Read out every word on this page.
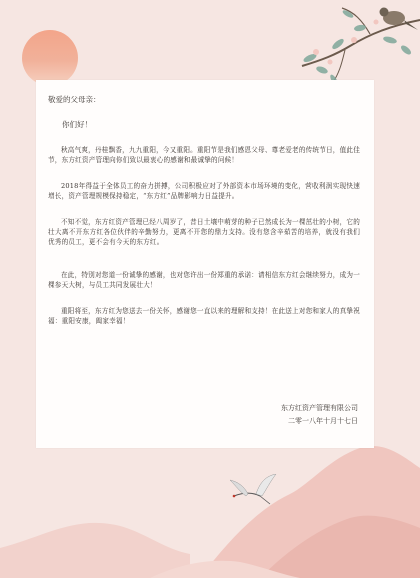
敬爱的父母亲：

你们好！

秋高气爽，丹桂飘香，九九重阳，今又重阳。重阳节是我们感恩父母、尊老爱老的传统节日，值此佳节，东方红资产管理向你们致以最衷心的感谢和最诚挚的问候！

2018年得益于全体员工的奋力拼搏，公司积极应对了外部资本市场环境的变化，营收利润实现快速增长，资产管理规模保持稳定，“东方红”品牌影响力日益提升。

不知不觉，东方红资产管理已经八周岁了，昔日土壤中萌芽的种子已然成长为一棵茁壮的小树，它的壮大离不开东方红各位伙伴的辛勤努力，更离不开您的鼎力支持。没有您含辛茹苦的培养，就没有我们优秀的员工，更不会有今天的东方红。

在此，特别对您道一份诚挚的感谢，也对您许出一份郑重的承诺：请相信东方红会继续努力，成为一棵参天大树，与员工共同发展壮大！

重阳将至，东方红为您送去一份关怀，感谢您一直以来的理解和支持！在此送上对您和家人的真挚祝福：重阳安康，阖家幸福！

东方红资产管理有限公司
二零一八年十月十七日
